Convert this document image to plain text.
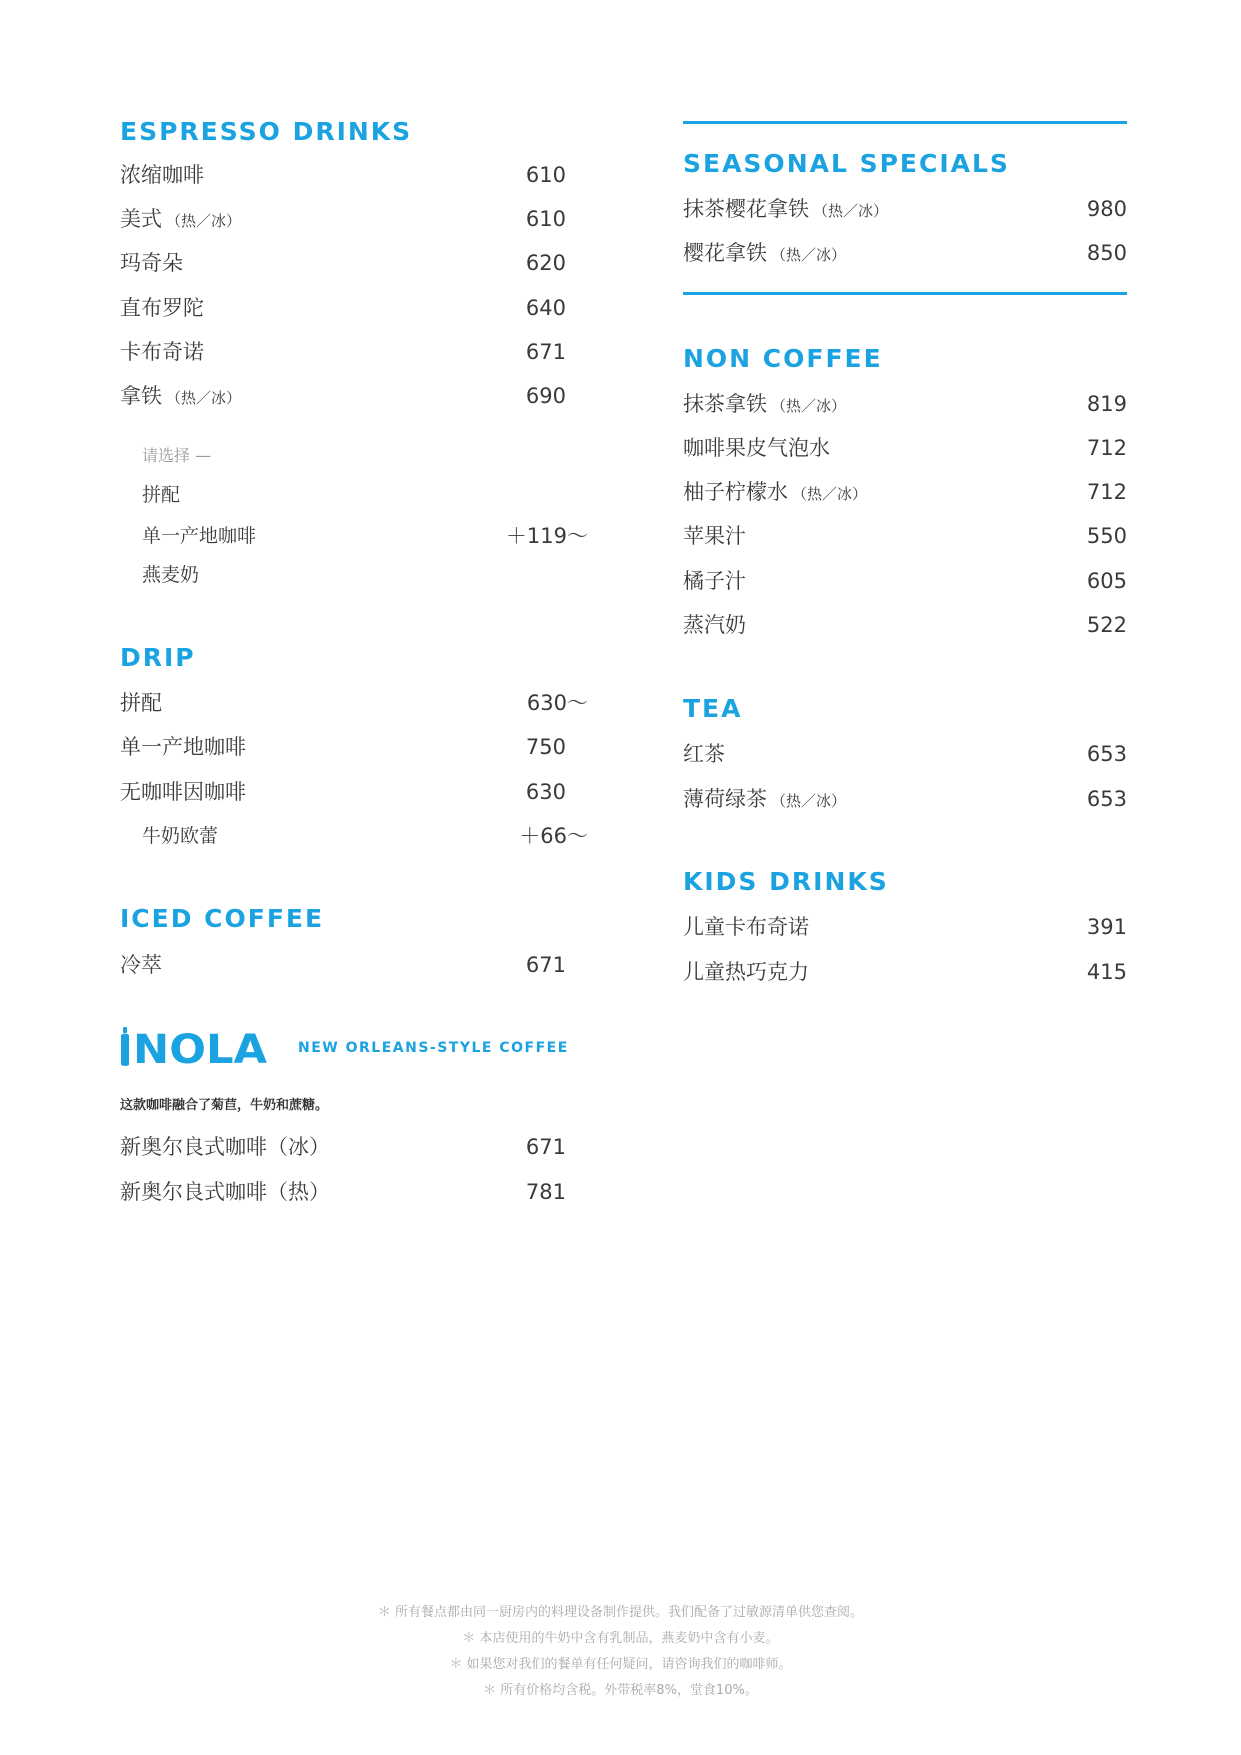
ESPRESSO DRINKS
浓缩咖啡	610
美式 （热／冰）	610
玛奇朵	620
直布罗陀	640
卡布奇诺	671
拿铁 （热／冰）	690
请选择 —
拼配
单一产地咖啡	＋119～
燕麦奶
DRIP
拼配	630～
单一产地咖啡	750
无咖啡因咖啡	630
牛奶欧蕾	＋66～
ICED COFFEE
冷萃	671
NOLA NEW ORLEANS-STYLE COFFEE
这款咖啡融合了菊苣，牛奶和蔗糖。
新奥尔良式咖啡（冰）	671
新奥尔良式咖啡（热）	781
SEASONAL SPECIALS
抹茶樱花拿铁 （热／冰）	980
樱花拿铁 （热／冰）	850
NON COFFEE
抹茶拿铁 （热／冰）	819
咖啡果皮气泡水	712
柚子柠檬水 （热／冰）	712
苹果汁	550
橘子汁	605
蒸汽奶	522
TEA
红茶	653
薄荷绿茶 （热／冰）	653
KIDS DRINKS
儿童卡布奇诺	391
儿童热巧克力	415
＊ 所有餐点都由同一厨房内的料理设备制作提供。我们配备了过敏源清单供您查阅。
＊ 本店使用的牛奶中含有乳制品，燕麦奶中含有小麦。
＊ 如果您对我们的餐单有任何疑问，请咨询我们的咖啡师。
＊ 所有价格均含税。外带税率8%，堂食10%。
